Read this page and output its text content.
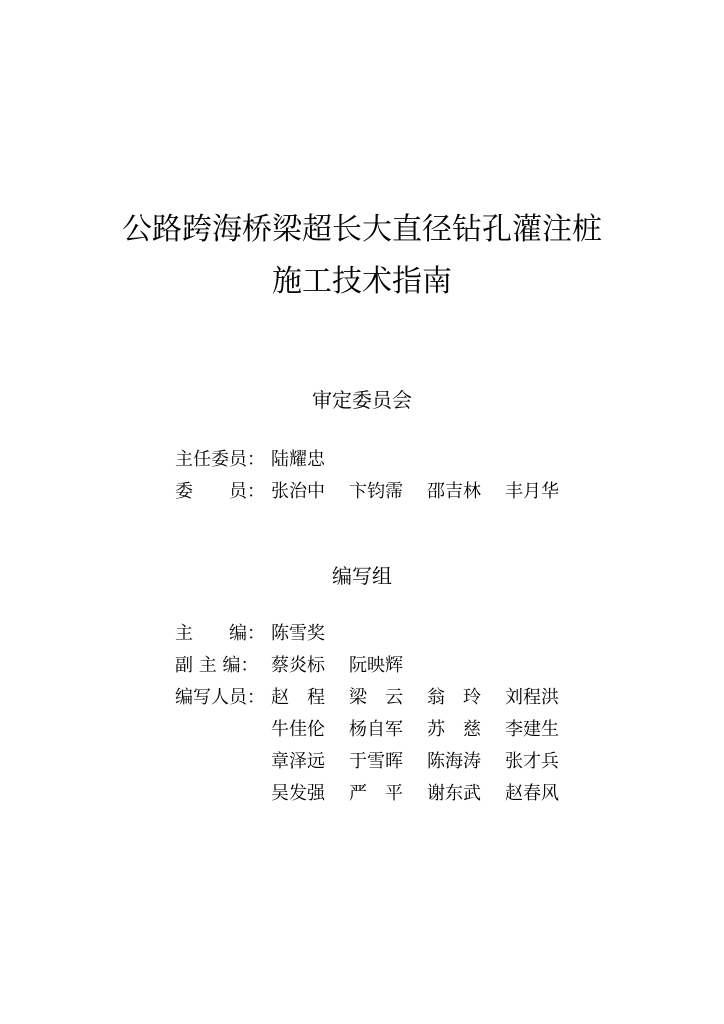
公路跨海桥梁超长大直径钻孔灌注桩
施工技术指南
审定委员会
主任委员： 陆耀忠
委　　员： 张治中 卞钧霈 邵吉林 丰月华
编写组
主　　编： 陈雪奖
副 主 编： 蔡炎标 阮映辉
编写人员： 赵　程 梁　云 翁　玲 刘程洪
牛佳伦 杨自军 苏　慈 李建生
章泽远 于雪晖 陈海涛 张才兵
吴发强 严　平 谢东武 赵春风
